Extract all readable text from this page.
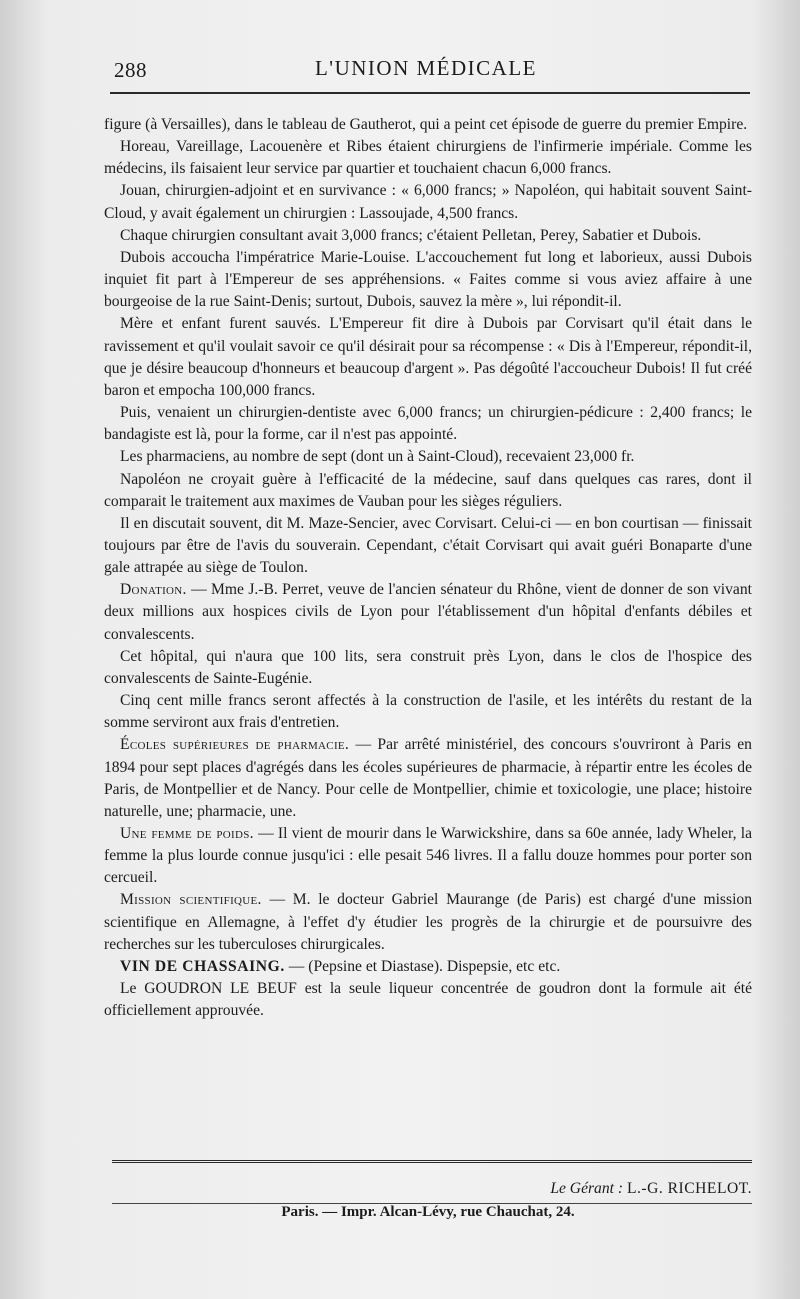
288	L'UNION MÉDICALE

figure (à Versailles), dans le tableau de Gautherot, qui a peint cet épisode de guerre du premier Empire.

Horeau, Vareillage, Lacouenère et Ribes étaient chirurgiens de l'infirmerie impériale. Comme les médecins, ils faisaient leur service par quartier et touchaient chacun 6,000 francs.

Jouan, chirurgien-adjoint et en survivance : « 6,000 francs; » Napoléon, qui habitait souvent Saint-Cloud, y avait également un chirurgien : Lassoujade, 4,500 francs.

Chaque chirurgien consultant avait 3,000 francs; c'étaient Pelletan, Perey, Sabatier et Dubois.

Dubois accoucha l'impératrice Marie-Louise. L'accouchement fut long et laborieux, aussi Dubois inquiet fit part à l'Empereur de ses appréhensions. « Faites comme si vous aviez affaire à une bourgeoise de la rue Saint-Denis; surtout, Dubois, sauvez la mère », lui répondit-il.

Mère et enfant furent sauvés. L'Empereur fit dire à Dubois par Corvisart qu'il était dans le ravissement et qu'il voulait savoir ce qu'il désirait pour sa récompense : « Dis à l'Empereur, répondit-il, que je désire beaucoup d'honneurs et beaucoup d'argent ». Pas dégoûté l'accoucheur Dubois! Il fut créé baron et empocha 100,000 francs.

Puis, venaient un chirurgien-dentiste avec 6,000 francs; un chirurgien-pédicure : 2,400 francs; le bandagiste est là, pour la forme, car il n'est pas appointé.

Les pharmaciens, au nombre de sept (dont un à Saint-Cloud), recevaient 23,000 fr.

Napoléon ne croyait guère à l'efficacité de la médecine, sauf dans quelques cas rares, dont il comparait le traitement aux maximes de Vauban pour les sièges réguliers.

Il en discutait souvent, dit M. Maze-Sencier, avec Corvisart. Celui-ci — en bon courtisan — finissait toujours par être de l'avis du souverain. Cependant, c'était Corvisart qui avait guéri Bonaparte d'une gale attrapée au siège de Toulon.

Donation. — Mme J.-B. Perret, veuve de l'ancien sénateur du Rhône, vient de donner de son vivant deux millions aux hospices civils de Lyon pour l'établissement d'un hôpital d'enfants débiles et convalescents.

Cet hôpital, qui n'aura que 100 lits, sera construit près Lyon, dans le clos de l'hospice des convalescents de Sainte-Eugénie.

Cinq cent mille francs seront affectés à la construction de l'asile, et les intérêts du restant de la somme serviront aux frais d'entretien.

Écoles supérieures de pharmacie. — Par arrêté ministériel, des concours s'ouvriront à Paris en 1894 pour sept places d'agrégés dans les écoles supérieures de pharmacie, à répartir entre les écoles de Paris, de Montpellier et de Nancy. Pour celle de Montpellier, chimie et toxicologie, une place; histoire naturelle, une; pharmacie, une.

Une femme de poids. — Il vient de mourir dans le Warwickshire, dans sa 60e année, lady Wheler, la femme la plus lourde connue jusqu'ici : elle pesait 546 livres. Il a fallu douze hommes pour porter son cercueil.

Mission scientifique. — M. le docteur Gabriel Maurange (de Paris) est chargé d'une mission scientifique en Allemagne, à l'effet d'y étudier les progrès de la chirurgie et de poursuivre des recherches sur les tuberculoses chirurgicales.

VIN DE CHASSAING. — (Pepsine et Diastase). Dispepsie, etc etc.

Le GOUDRON LE BEUF est la seule liqueur concentrée de goudron dont la formule ait été officiellement approuvée.

Le Gérant : L.-G. RICHELOT.
Paris. — Impr. Alcan-Lévy, rue Chauchat, 24.
